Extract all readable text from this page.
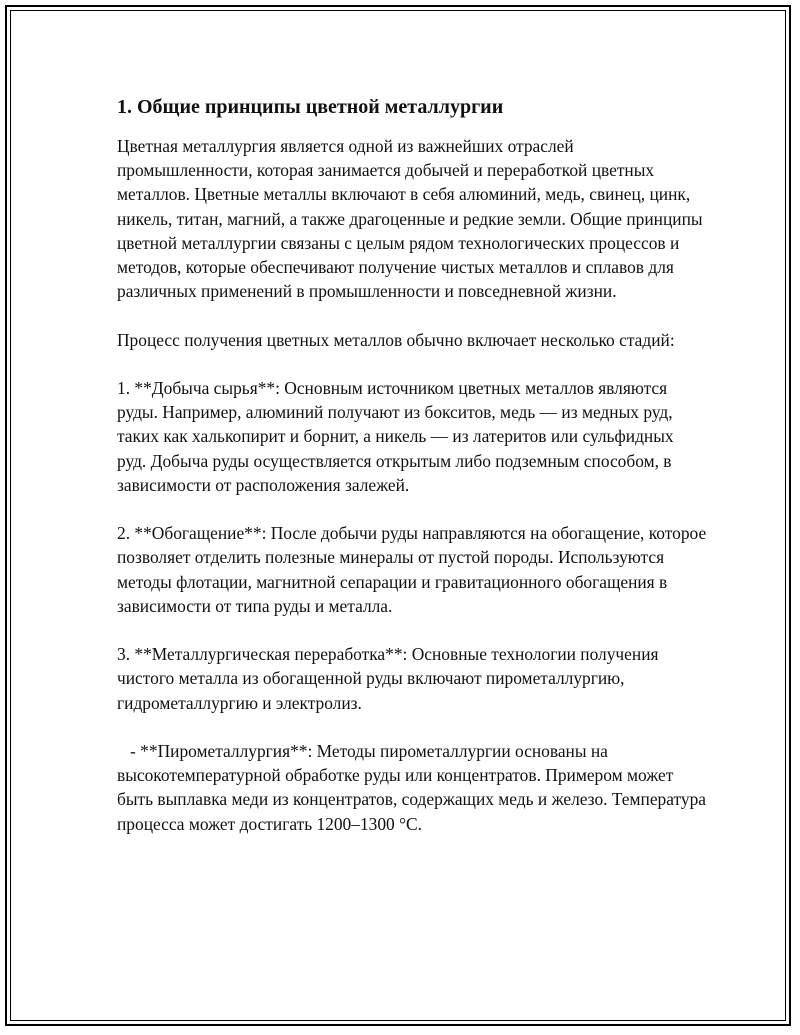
1. Общие принципы цветной металлургии

Цветная металлургия является одной из важнейших отраслей промышленности, которая занимается добычей и переработкой цветных металлов. Цветные металлы включают в себя алюминий, медь, свинец, цинк, никель, титан, магний, а также драгоценные и редкие земли. Общие принципы цветной металлургии связаны с целым рядом технологических процессов и методов, которые обеспечивают получение чистых металлов и сплавов для различных применений в промышленности и повседневной жизни.

Процесс получения цветных металлов обычно включает несколько стадий:

1. **Добыча сырья**: Основным источником цветных металлов являются руды. Например, алюминий получают из бокситов, медь — из медных руд, таких как халькопирит и борнит, а никель — из латеритов или сульфидных руд. Добыча руды осуществляется открытым либо подземным способом, в зависимости от расположения залежей.

2. **Обогащение**: После добычи руды направляются на обогащение, которое позволяет отделить полезные минералы от пустой породы. Используются методы флотации, магнитной сепарации и гравитационного обогащения в зависимости от типа руды и металла.

3. **Металлургическая переработка**: Основные технологии получения чистого металла из обогащенной руды включают пирометаллургию, гидрометаллургию и электролиз.

- **Пирометаллургия**: Методы пирометаллургии основаны на высокотемпературной обработке руды или концентратов. Примером может быть выплавка меди из концентратов, содержащих медь и железо. Температура процесса может достигать 1200–1300 °C.
